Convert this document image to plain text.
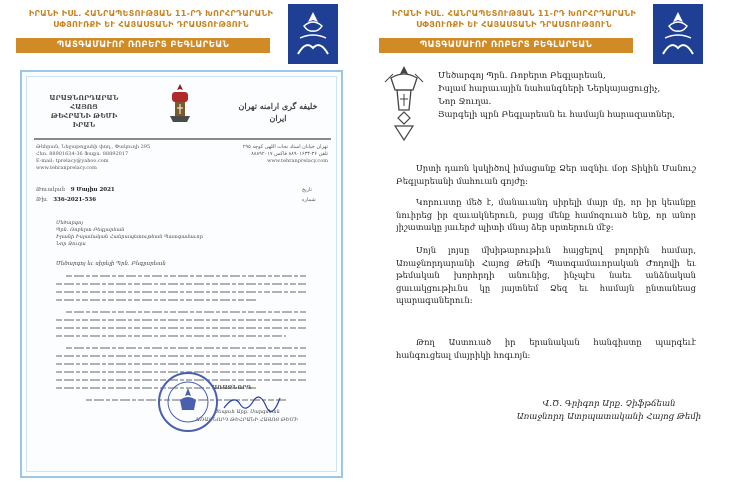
ԻՐԱՆԻ ԻՍԼ. ՀԱՆՐԱՊԵՏՈՒԹՅԱՆ 11-ՐԴ ԽՈՐՀՐԴԱՐԱՆԻ
ՍՓՅՈՒՌՔԻ ԵՒ ՀԱՅԱՍՏԱՆԻ ԴՐԱՍՏՈՒԹՅՈՒՆ
ՊԱՏԳԱՄԱՒՈՐ ՌՈԲԵՐՏ ԲԵԳԼԱՐԵԱՆ
ԱՐԱՋՆՈՐԴԱՐԱՆ ՀԱՅՈՑ
ԹԵՀՐԱՆԻ ԹԵՄԻ
ԻՐԱՆ
خلیفه گری ارامنه تهران
ایران
Թեհրան, Նեջաթոլլահի փող., Փակուղի 295
Հեռ. 88901634-36 Ֆաքս. 88892017
E-mail: tprelacy@yahoo.com
www.tehranprelacy.com
تهران خیابان استاد نجات اللهی کوچه ۲۹۵
تلفن ۳۶-۸۸۹۰۱۶۳۴ فاکس ۸۸۸۹۲۰۱۷
www.tehranprelacy.com
Թուական 9 Մայիս 2021
Թիւ 336-2021-536
تاریخ
شماره
Մեծարգոյ
Պրն. Ռոբերտ Բեգլարեան
Իրանի Իսլամական Հանրապետութեան Պատգամաւոր
Նոր Ջուղա
Մեծարգոյ եւ սիրելի Պրն. Բեգլարեան
ԱՌԱՋՆՈՐԴ
Սեպուհ Արք. Սարգսեան
ԱՌԱՋՆՈՐԴ ԹԵՀՐԱՆԻ ՀԱՅՈՑ ԹԵՄԻ
ԻՐԱՆԻ ԻՍԼ. ՀԱՆՐԱՊԵՏՈՒԹՅԱՆ 11-ՐԴ ԽՈՐՀՐԴԱՐԱՆԻ
ՍՓՅՈՒՌՔԻ ԵՒ ՀԱՅԱՍՏԱՆԻ ԴՐԱՍՏՈՒԹՅՈՒՆ
ՊԱՏԳԱՄԱՒՈՐ ՌՈԲԵՐՏ ԲԵԳԼԱՐԵԱՆ
Մեծարգոյ Պրն. Ռոբերտ Բեգլարեան,
Իսլամ հարաւային նահանգների Ներկայացուցիչ,
Նոր Ջուղա.
Յարգելի պրն Բեգլարեան եւ համայն հարազատներ,
Սրտի դառն կսկիծով իմացանք Ձեր ազնիւ մօր Տիկին Մանուշ Բեգլարեանի մահուան գոյժը:
Կորուստը մեծ է, մանաւանդ սիրելի մայր մը, որ իր կեանքը նուիրեց իր զաւակներուն, բայց մենք համոզուած ենք, որ անոր յիշատակը յաւերժ պիտի մնայ ձեր սրտերուն մէջ:
Սոյն լոյսը մխիթարութիւն հայցելով բոլորին համար, Առաջնորդարանի Հայոց Թեմի Պատգամաւորական Ժողովի եւ թեմական խորհրդի անունից, ինչպէս նաեւ անձնական ցաւակցութիւնս կը յայտնեմ Ձեզ եւ համայն ընտանեաց պարագաներուն:
Թող Աստուած իր երանական հանգիստը պարգեւէ հանգուցեալ մայրիկի հոգւոյն:
Վ․Ծ․ Գրիգոր Արք. Չիֆթճեան
Առաջնորդ Ատրպատականի Հայոց Թեմի
